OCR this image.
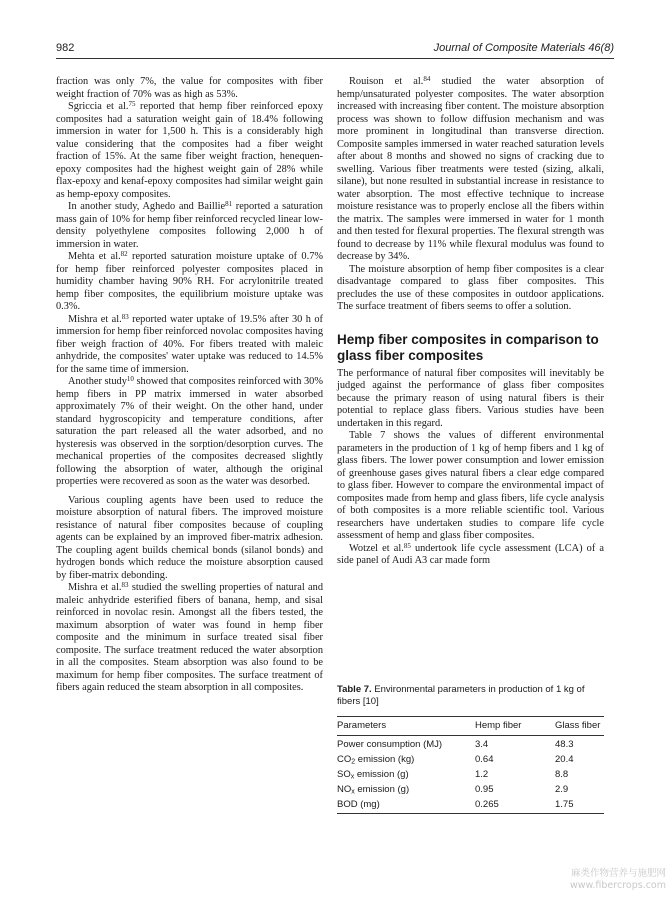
982	Journal of Composite Materials 46(8)

fraction was only 7%, the value for composites with fiber weight fraction of 70% was as high as 53%.

Sgriccia et al.$^{75}$ reported that hemp fiber reinforced epoxy composites had a saturation weight gain of 18.4% following immersion in water for 1,500 h. This is a considerably high value considering that the composites had a fiber weight fraction of 15%. At the same fiber weight fraction, henequen-epoxy composites had the highest weight gain of 28% while flax-epoxy and kenaf-epoxy composites had similar weight gain as hemp-epoxy composites.

In another study, Aghedo and Baillie$^{81}$ reported a saturation mass gain of 10% for hemp fiber reinforced recycled linear low-density polyethylene composites following 2,000 h of immersion in water.

Mehta et al.$^{82}$ reported saturation moisture uptake of 0.7% for hemp fiber reinforced polyester composites placed in humidity chamber having 90% RH. For acrylonitrile treated hemp fiber composites, the equilibrium moisture uptake was 0.3%.

Mishra et al.$^{83}$ reported water uptake of 19.5% after 30 h of immersion for hemp fiber reinforced novolac composites having fiber weigh fraction of 40%. For fibers treated with maleic anhydride, the composites' water uptake was reduced to 14.5% for the same time of immersion.

Another study$^{10}$ showed that composites reinforced with 30% hemp fibers in PP matrix immersed in water absorbed approximately 7% of their weight. On the other hand, under standard hygroscopicity and temperature conditions, after saturation the part released all the water adsorbed, and no hysteresis was observed in the sorption/desorption curves. The mechanical properties of the composites decreased slightly following the absorption of water, although the original properties were recovered as soon as the water was desorbed.

Various coupling agents have been used to reduce the moisture absorption of natural fibers. The improved moisture resistance of natural fiber composites because of coupling agents can be explained by an improved fiber-matrix adhesion. The coupling agent builds chemical bonds (silanol bonds) and hydrogen bonds which reduce the moisture absorption caused by fiber-matrix debonding.

Mishra et al.$^{83}$ studied the swelling properties of natural and maleic anhydride esterified fibers of banana, hemp, and sisal reinforced in novolac resin. Amongst all the fibers tested, the maximum absorption of water was found in hemp fiber composite and the minimum in surface treated sisal fiber composite. The surface treatment reduced the water absorption in all the composites. Steam absorption was also found to be maximum for hemp fiber composites. The surface treatment of fibers again reduced the steam absorption in all composites.

Rouison et al.$^{84}$ studied the water absorption of hemp/unsaturated polyester composites. The water absorption increased with increasing fiber content. The moisture absorption process was shown to follow diffusion mechanism and was more prominent in longitudinal than transverse direction. Composite samples immersed in water reached saturation levels after about 8 months and showed no signs of cracking due to swelling. Various fiber treatments were tested (sizing, alkali, silane), but none resulted in substantial increase in resistance to water absorption. The most effective technique to increase moisture resistance was to properly enclose all the fibers within the matrix. The samples were immersed in water for 1 month and then tested for flexural properties. The flexural strength was found to decrease by 11% while flexural modulus was found to decrease by 34%.

The moisture absorption of hemp fiber composites is a clear disadvantage compared to glass fiber composites. This precludes the use of these composites in outdoor applications. The surface treatment of fibers seems to offer a solution.

Hemp fiber composites in comparison to glass fiber composites

The performance of natural fiber composites will inevitably be judged against the performance of glass fiber composites because the primary reason of using natural fibers is their potential to replace glass fibers. Various studies have been undertaken in this regard.

Table 7 shows the values of different environmental parameters in the production of 1 kg of hemp fibers and 1 kg of glass fibers. The lower power consumption and lower emission of greenhouse gases gives natural fibers a clear edge compared to glass fiber. However to compare the environmental impact of composites made from hemp and glass fibers, life cycle analysis of both composites is a more reliable scientific tool. Various researchers have undertaken studies to compare life cycle assessment of hemp and glass fiber composites.

Wotzel et al.$^{85}$ undertook life cycle assessment (LCA) of a side panel of Audi A3 car made form

Table 7. Environmental parameters in production of 1 kg of fibers [10]
Parameters	Hemp fiber	Glass fiber
Power consumption (MJ)	3.4	48.3
$CO_2$ emission (kg)	0.64	20.4
$SO_x$ emission (g)	1.2	8.8
$NO_x$ emission (g)	0.95	2.9
BOD (mg)	0.265	1.75
麻类作物营养与施肥网
www.fibercrops.com
